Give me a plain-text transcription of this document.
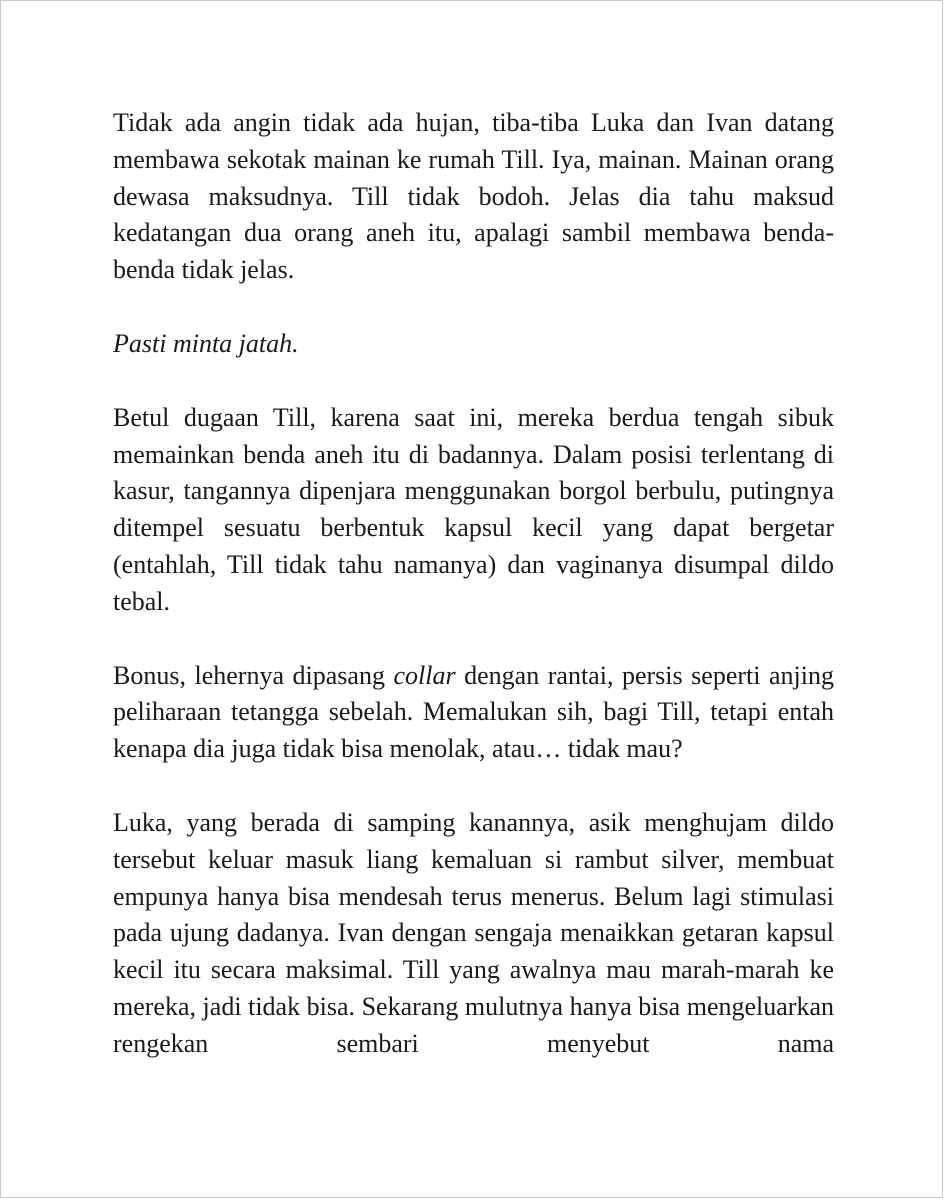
Tidak ada angin tidak ada hujan, tiba-tiba Luka dan Ivan datang membawa sekotak mainan ke rumah Till. Iya, mainan. Mainan orang dewasa maksudnya. Till tidak bodoh. Jelas dia tahu maksud kedatangan dua orang aneh itu, apalagi sambil membawa benda-benda tidak jelas.

Pasti minta jatah.

Betul dugaan Till, karena saat ini, mereka berdua tengah sibuk memainkan benda aneh itu di badannya. Dalam posisi terlentang di kasur, tangannya dipenjara menggunakan borgol berbulu, putingnya ditempel sesuatu berbentuk kapsul kecil yang dapat bergetar (entahlah, Till tidak tahu namanya) dan vaginanya disumpal dildo tebal.

Bonus, lehernya dipasang collar dengan rantai, persis seperti anjing peliharaan tetangga sebelah. Memalukan sih, bagi Till, tetapi entah kenapa dia juga tidak bisa menolak, atau… tidak mau?

Luka, yang berada di samping kanannya, asik menghujam dildo tersebut keluar masuk liang kemaluan si rambut silver, membuat empunya hanya bisa mendesah terus menerus. Belum lagi stimulasi pada ujung dadanya. Ivan dengan sengaja menaikkan getaran kapsul kecil itu secara maksimal. Till yang awalnya mau marah-marah ke mereka, jadi tidak bisa. Sekarang mulutnya hanya bisa mengeluarkan rengekan sembari menyebut nama
